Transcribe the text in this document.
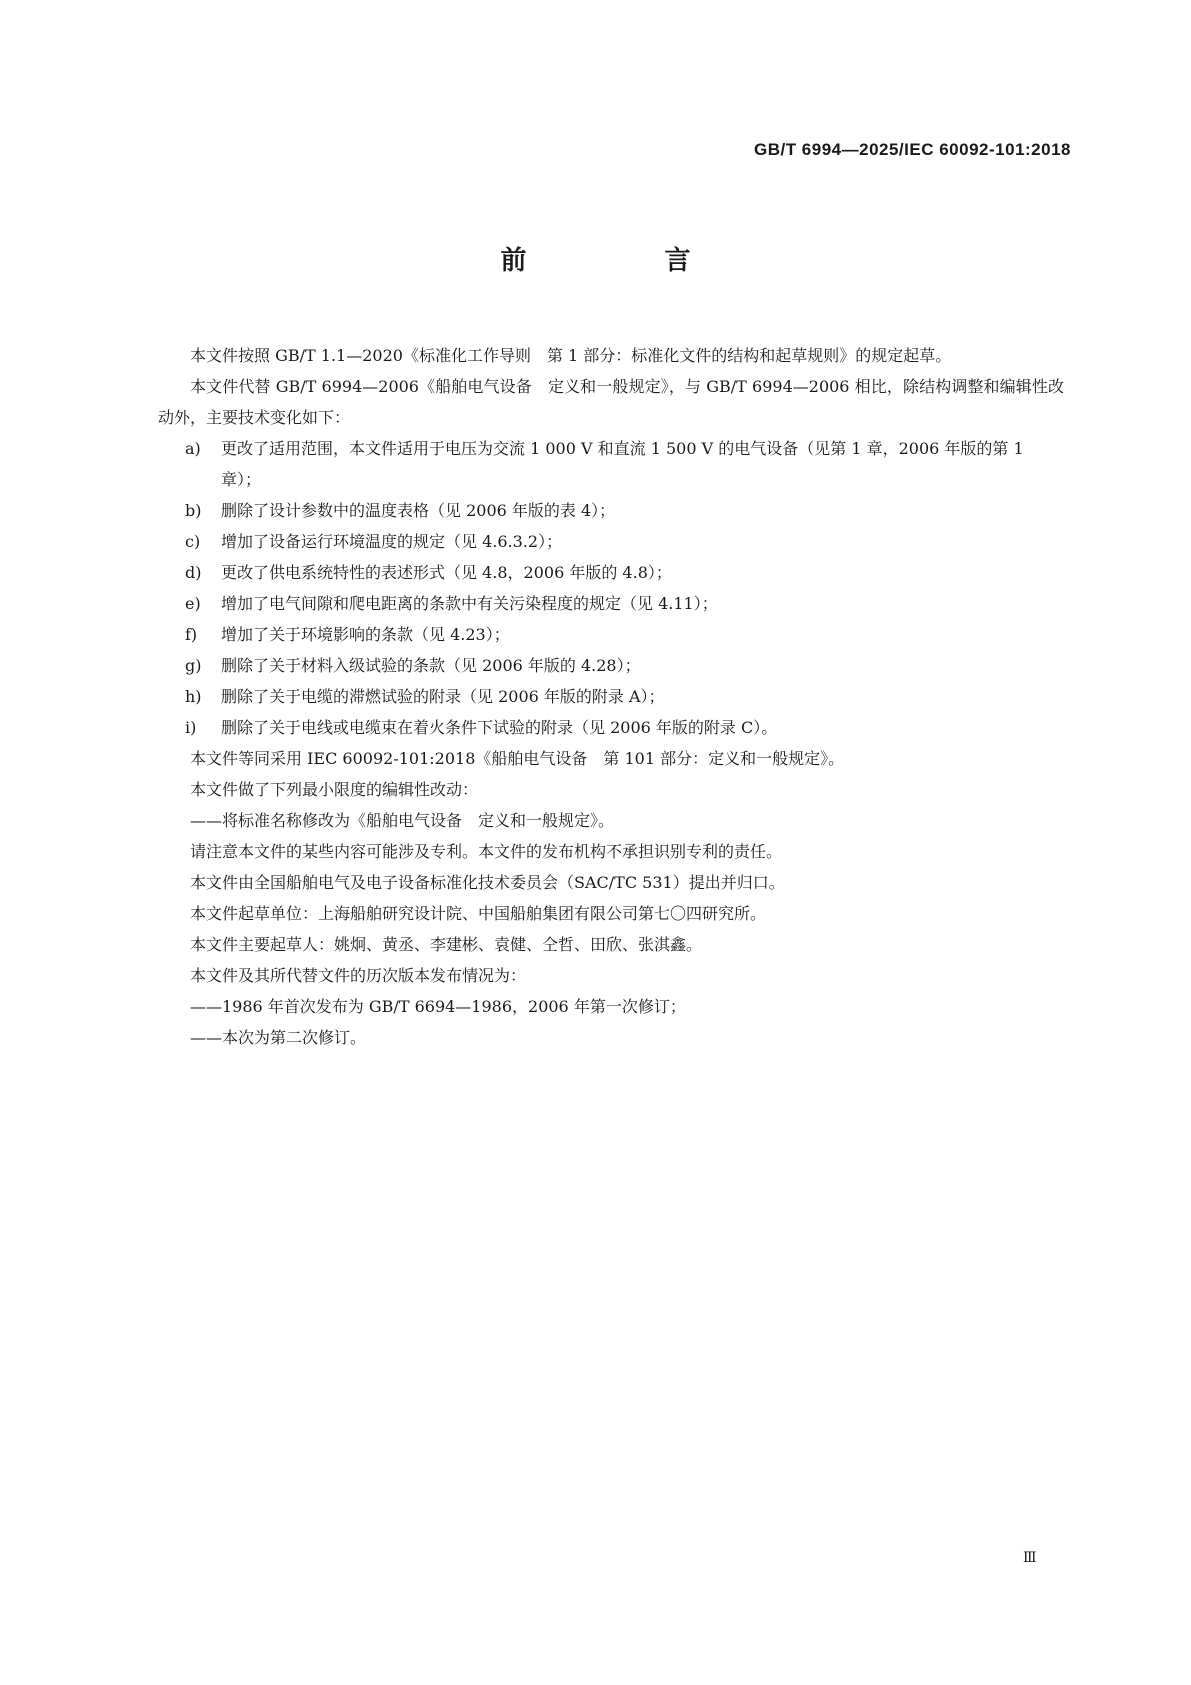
GB/T 6994—2025/IEC 60092-101:2018
前　言

本文件按照 GB/T 1.1—2020《标准化工作导则　第 1 部分：标准化文件的结构和起草规则》的规定起草。

本文件代替 GB/T 6994—2006《船舶电气设备　定义和一般规定》，与 GB/T 6994—2006 相比，除结构调整和编辑性改动外，主要技术变化如下：

a)	更改了适用范围，本文件适用于电压为交流 1 000 V 和直流 1 500 V 的电气设备（见第 1 章，2006 年版的第 1 章）；

b)	删除了设计参数中的温度表格（见 2006 年版的表 4）；

c)	增加了设备运行环境温度的规定（见 4.6.3.2）；

d)	更改了供电系统特性的表述形式（见 4.8，2006 年版的 4.8）；

e)	增加了电气间隙和爬电距离的条款中有关污染程度的规定（见 4.11）；

f)	增加了关于环境影响的条款（见 4.23）；

g)	删除了关于材料入级试验的条款（见 2006 年版的 4.28）；

h)	删除了关于电缆的滞燃试验的附录（见 2006 年版的附录 A）；

i)	删除了关于电线或电缆束在着火条件下试验的附录（见 2006 年版的附录 C）。

本文件等同采用 IEC 60092-101:2018《船舶电气设备　第 101 部分：定义和一般规定》。

本文件做了下列最小限度的编辑性改动：

——将标准名称修改为《船舶电气设备　定义和一般规定》。

请注意本文件的某些内容可能涉及专利。本文件的发布机构不承担识别专利的责任。

本文件由全国船舶电气及电子设备标准化技术委员会（SAC/TC 531）提出并归口。

本文件起草单位：上海船舶研究设计院、中国船舶集团有限公司第七〇四研究所。

本文件主要起草人：姚炯、黄丞、李建彬、袁健、仝哲、田欣、张淇鑫。

本文件及其所代替文件的历次版本发布情况为：

——1986 年首次发布为 GB/T 6694—1986，2006 年第一次修订；

——本次为第二次修订。

Ⅲ
